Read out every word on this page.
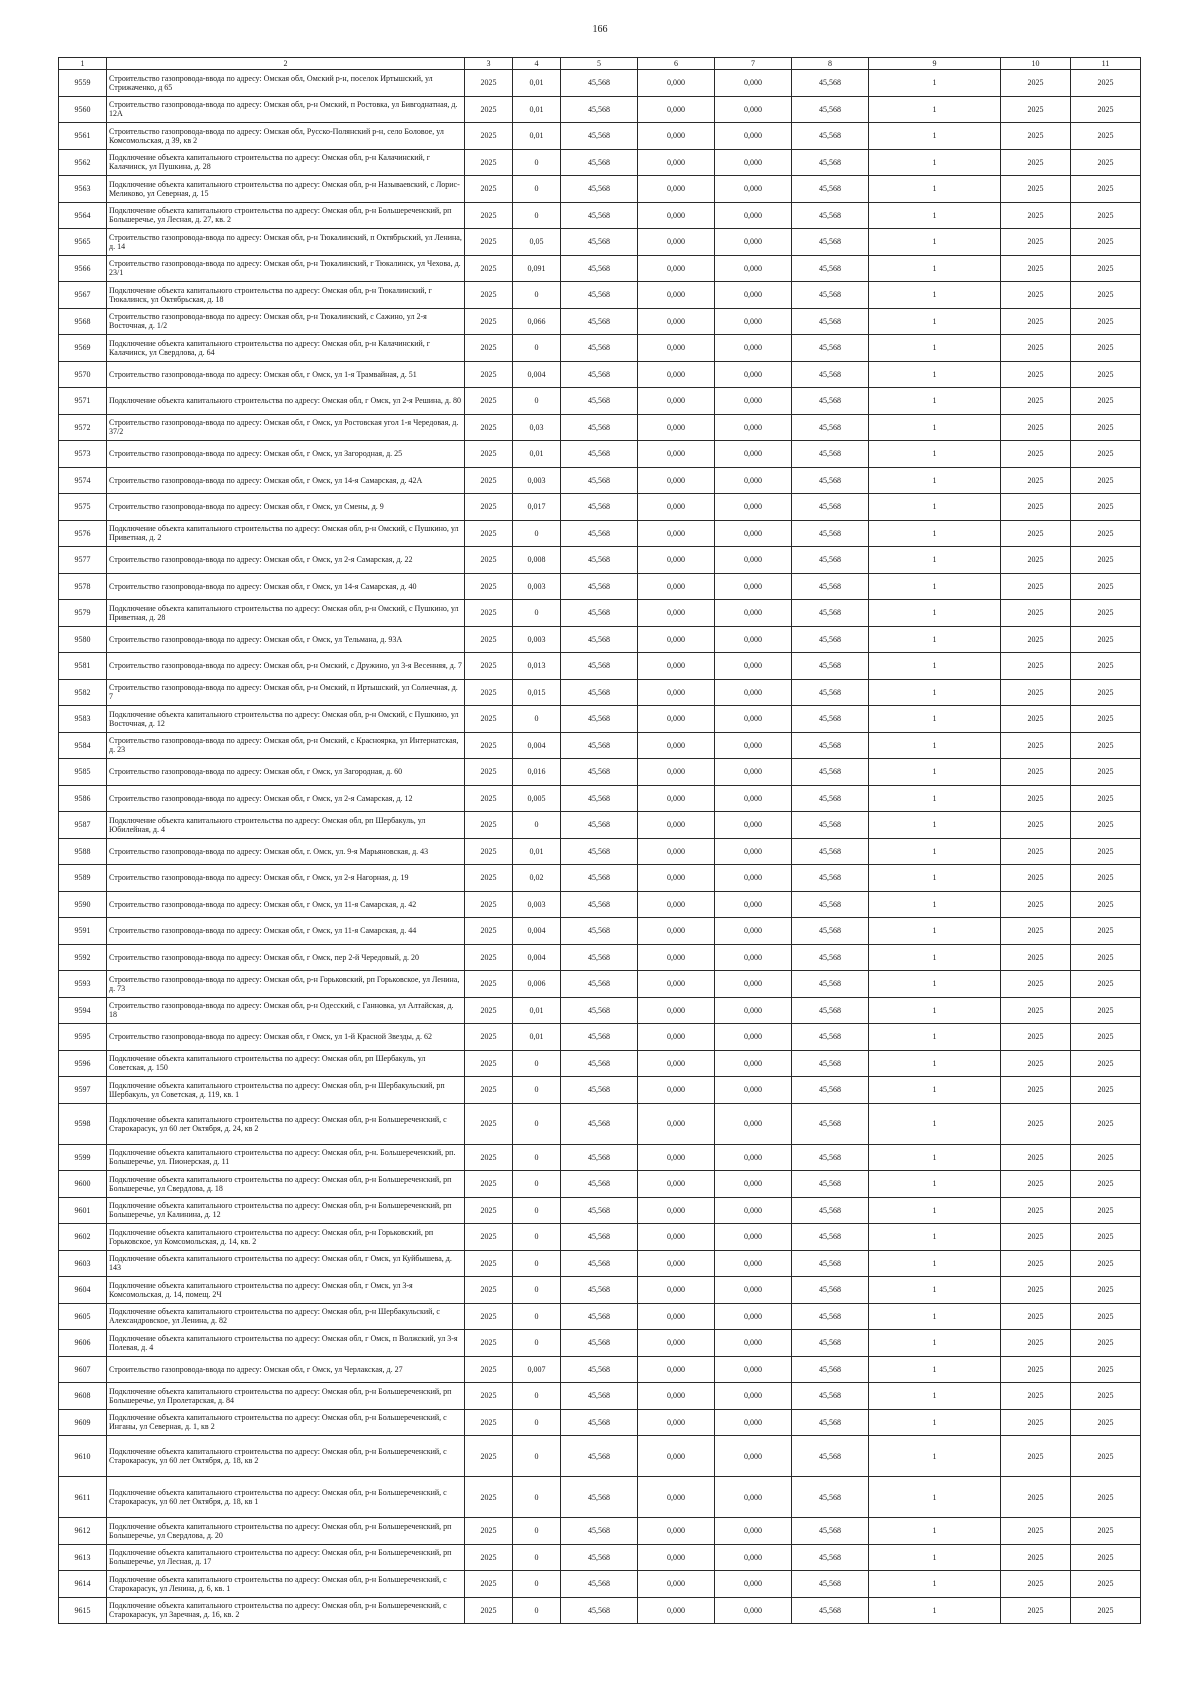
166
1	2	3	4	5	6	7	8	9	10	11
9559	Строительство газопровода-ввода по адресу: Омская обл, Омский р-н, поселок Иртышский, ул Стрижаченко, д 65	2025	0,01	45,568	0,000	0,000	45,568	1	2025	2025
9560	Строительство газопровода-ввода по адресу: Омская обл, р-н Омский, п Ростовка, ул Бивгоднатная, д. 12А	2025	0,01	45,568	0,000	0,000	45,568	1	2025	2025
9561	Строительство газопровода-ввода по адресу: Омская обл, Русско-Полянский р-н, село Боловое, ул Комсомольская, д 39, кв 2	2025	0,01	45,568	0,000	0,000	45,568	1	2025	2025
9562	Подключение объекта капитального строительства по адресу: Омская обл, р-н Калачинский, г Калачинск, ул Пушкина, д. 28	2025	0	45,568	0,000	0,000	45,568	1	2025	2025
9563	Подключение объекта капитального строительства по адресу: Омская обл, р-н Называевский, с Лорис-Меликово, ул Северная, д. 15	2025	0	45,568	0,000	0,000	45,568	1	2025	2025
9564	Подключение объекта капитального строительства по адресу: Омская обл, р-н Большереченский, рп Большеречье, ул Лесная, д. 27, кв. 2	2025	0	45,568	0,000	0,000	45,568	1	2025	2025
9565	Строительство газопровода-ввода по адресу: Омская обл, р-н Тюкалинский, п Октябрьский, ул Ленина, д. 14	2025	0,05	45,568	0,000	0,000	45,568	1	2025	2025
9566	Строительство газопровода-ввода по адресу: Омская обл, р-н Тюкалинский, г Тюкалинск, ул Чехова, д. 23/1	2025	0,091	45,568	0,000	0,000	45,568	1	2025	2025
9567	Подключение объекта капитального строительства по адресу: Омская обл, р-н Тюкалинский, г Тюкалинск, ул Октябрьская, д. 18	2025	0	45,568	0,000	0,000	45,568	1	2025	2025
9568	Строительство газопровода-ввода по адресу: Омская обл, р-н Тюкалинский, с Сажино, ул 2-я Восточная, д. 1/2	2025	0,066	45,568	0,000	0,000	45,568	1	2025	2025
9569	Подключение объекта капитального строительства по адресу: Омская обл, р-н Калачинский, г Калачинск, ул Свердлова, д. 64	2025	0	45,568	0,000	0,000	45,568	1	2025	2025
9570	Строительство газопровода-ввода по адресу: Омская обл, г Омск, ул 1-я Трамвайная, д. 51	2025	0,004	45,568	0,000	0,000	45,568	1	2025	2025
9571	Подключение объекта капитального строительства по адресу: Омская обл, г Омск, ул 2-я Решина, д. 80	2025	0	45,568	0,000	0,000	45,568	1	2025	2025
9572	Строительство газопровода-ввода по адресу: Омская обл, г Омск, ул Ростовская угол 1-я Чередовая, д. 37/2	2025	0,03	45,568	0,000	0,000	45,568	1	2025	2025
9573	Строительство газопровода-ввода по адресу: Омская обл, г Омск, ул Загородная, д. 25	2025	0,01	45,568	0,000	0,000	45,568	1	2025	2025
9574	Строительство газопровода-ввода по адресу: Омская обл, г Омск, ул 14-я Самарская, д. 42А	2025	0,003	45,568	0,000	0,000	45,568	1	2025	2025
9575	Строительство газопровода-ввода по адресу: Омская обл, г Омск, ул Смены, д. 9	2025	0,017	45,568	0,000	0,000	45,568	1	2025	2025
9576	Подключение объекта капитального строительства по адресу: Омская обл, р-н Омский, с Пушкино, ул Приветная, д. 2	2025	0	45,568	0,000	0,000	45,568	1	2025	2025
9577	Строительство газопровода-ввода по адресу: Омская обл, г Омск, ул 2-я Самарская, д. 22	2025	0,008	45,568	0,000	0,000	45,568	1	2025	2025
9578	Строительство газопровода-ввода по адресу: Омская обл, г Омск, ул 14-я Самарская, д. 40	2025	0,003	45,568	0,000	0,000	45,568	1	2025	2025
9579	Подключение объекта капитального строительства по адресу: Омская обл, р-н Омский, с Пушкино, ул Приветная, д. 28	2025	0	45,568	0,000	0,000	45,568	1	2025	2025
9580	Строительство газопровода-ввода по адресу: Омская обл, г Омск, ул Тельмана, д. 93А	2025	0,003	45,568	0,000	0,000	45,568	1	2025	2025
9581	Строительство газопровода-ввода по адресу: Омская обл, р-н Омский, с Дружино, ул 3-я Весенняя, д. 7	2025	0,013	45,568	0,000	0,000	45,568	1	2025	2025
9582	Строительство газопровода-ввода по адресу: Омская обл, р-н Омский, п Иртышский, ул Солнечная, д. 7	2025	0,015	45,568	0,000	0,000	45,568	1	2025	2025
9583	Подключение объекта капитального строительства по адресу: Омская обл, р-н Омский, с Пушкино, ул Восточная, д. 12	2025	0	45,568	0,000	0,000	45,568	1	2025	2025
9584	Строительство газопровода-ввода по адресу: Омская обл, р-н Омский, с Красноярка, ул Интернатская, д. 23	2025	0,004	45,568	0,000	0,000	45,568	1	2025	2025
9585	Строительство газопровода-ввода по адресу: Омская обл, г Омск, ул Загородная, д. 60	2025	0,016	45,568	0,000	0,000	45,568	1	2025	2025
9586	Строительство газопровода-ввода по адресу: Омская обл, г Омск, ул 2-я Самарская, д. 12	2025	0,005	45,568	0,000	0,000	45,568	1	2025	2025
9587	Подключение объекта капитального строительства по адресу: Омская обл, рп Шербакуль, ул Юбилейная, д. 4	2025	0	45,568	0,000	0,000	45,568	1	2025	2025
9588	Строительство газопровода-ввода по адресу: Омская обл, г. Омск, ул. 9-я Марьяновская, д. 43	2025	0,01	45,568	0,000	0,000	45,568	1	2025	2025
9589	Строительство газопровода-ввода по адресу: Омская обл, г Омск, ул 2-я Нагорная, д. 19	2025	0,02	45,568	0,000	0,000	45,568	1	2025	2025
9590	Строительство газопровода-ввода по адресу: Омская обл, г Омск, ул 11-я Самарская, д. 42	2025	0,003	45,568	0,000	0,000	45,568	1	2025	2025
9591	Строительство газопровода-ввода по адресу: Омская обл, г Омск, ул 11-я Самарская, д. 44	2025	0,004	45,568	0,000	0,000	45,568	1	2025	2025
9592	Строительство газопровода-ввода по адресу: Омская обл, г Омск, пер 2-й Чередовый, д. 20	2025	0,004	45,568	0,000	0,000	45,568	1	2025	2025
9593	Строительство газопровода-ввода по адресу: Омская обл, р-н Горьковский, рп Горьковское, ул Ленина, д. 73	2025	0,006	45,568	0,000	0,000	45,568	1	2025	2025
9594	Строительство газопровода-ввода по адресу: Омская обл, р-н Одесский, с Ганновка, ул Алтайская, д. 18	2025	0,01	45,568	0,000	0,000	45,568	1	2025	2025
9595	Строительство газопровода-ввода по адресу: Омская обл, г Омск, ул 1-й Красной Звезды, д. 62	2025	0,01	45,568	0,000	0,000	45,568	1	2025	2025
9596	Подключение объекта капитального строительства по адресу: Омская обл, рп Шербакуль, ул Советская, д. 150	2025	0	45,568	0,000	0,000	45,568	1	2025	2025
9597	Подключение объекта капитального строительства по адресу: Омская обл, р-н Шербакульский, рп Шербакуль, ул Советская, д. 119, кв. 1	2025	0	45,568	0,000	0,000	45,568	1	2025	2025
9598	Подключение объекта капитального строительства по адресу: Омская обл, р-н Большереченский, с Старокарасук, ул 60 лет Октября, д. 24, кв 2	2025	0	45,568	0,000	0,000	45,568	1	2025	2025
9599	Подключение объекта капитального строительства по адресу: Омская обл, р-н. Большереченский, рп. Большеречье, ул. Пионерская, д. 11	2025	0	45,568	0,000	0,000	45,568	1	2025	2025
9600	Подключение объекта капитального строительства по адресу: Омская обл, р-н Большереченский, рп Большеречье, ул Свердлова, д. 18	2025	0	45,568	0,000	0,000	45,568	1	2025	2025
9601	Подключение объекта капитального строительства по адресу: Омская обл, р-н Большереченский, рп Большеречье, ул Калинина, д. 12	2025	0	45,568	0,000	0,000	45,568	1	2025	2025
9602	Подключение объекта капитального строительства по адресу: Омская обл, р-н Горьковский, рп Горьковское, ул Комсомольская, д. 14, кв. 2	2025	0	45,568	0,000	0,000	45,568	1	2025	2025
9603	Подключение объекта капитального строительства по адресу: Омская обл, г Омск, ул Куйбышева, д. 143	2025	0	45,568	0,000	0,000	45,568	1	2025	2025
9604	Подключение объекта капитального строительства по адресу: Омская обл, г Омск, ул 3-я Комсомольская, д. 14, помещ. 2Ч	2025	0	45,568	0,000	0,000	45,568	1	2025	2025
9605	Подключение объекта капитального строительства по адресу: Омская обл, р-н Шербакульский, с Александровское, ул Ленина, д. 82	2025	0	45,568	0,000	0,000	45,568	1	2025	2025
9606	Подключение объекта капитального строительства по адресу: Омская обл, г Омск, п Волжский, ул 3-я Полевая, д. 4	2025	0	45,568	0,000	0,000	45,568	1	2025	2025
9607	Строительство газопровода-ввода по адресу: Омская обл, г Омск, ул Черлакская, д. 27	2025	0,007	45,568	0,000	0,000	45,568	1	2025	2025
9608	Подключение объекта капитального строительства по адресу: Омская обл, р-н Большереченский, рп Большеречье, ул Пролетарская, д. 84	2025	0	45,568	0,000	0,000	45,568	1	2025	2025
9609	Подключение объекта капитального строительства по адресу: Омская обл, р-н Большереченский, с Инганы, ул Северная, д. 1, кв 2	2025	0	45,568	0,000	0,000	45,568	1	2025	2025
9610	Подключение объекта капитального строительства по адресу: Омская обл, р-н Большереченский, с Старокарасук, ул 60 лет Октября, д. 18, кв 2	2025	0	45,568	0,000	0,000	45,568	1	2025	2025
9611	Подключение объекта капитального строительства по адресу: Омская обл, р-н Большереченский, с Старокарасук, ул 60 лет Октября, д. 18, кв 1	2025	0	45,568	0,000	0,000	45,568	1	2025	2025
9612	Подключение объекта капитального строительства по адресу: Омская обл, р-н Большереченский, рп Большеречье, ул Свердлова, д. 20	2025	0	45,568	0,000	0,000	45,568	1	2025	2025
9613	Подключение объекта капитального строительства по адресу: Омская обл, р-н Большереченский, рп Большеречье, ул Лесная, д. 17	2025	0	45,568	0,000	0,000	45,568	1	2025	2025
9614	Подключение объекта капитального строительства по адресу: Омская обл, р-н Большереченский, с Старокарасук, ул Ленина, д. 6, кв. 1	2025	0	45,568	0,000	0,000	45,568	1	2025	2025
9615	Подключение объекта капитального строительства по адресу: Омская обл, р-н Большереченский, с Старокарасук, ул Заречная, д. 16, кв. 2	2025	0	45,568	0,000	0,000	45,568	1	2025	2025
